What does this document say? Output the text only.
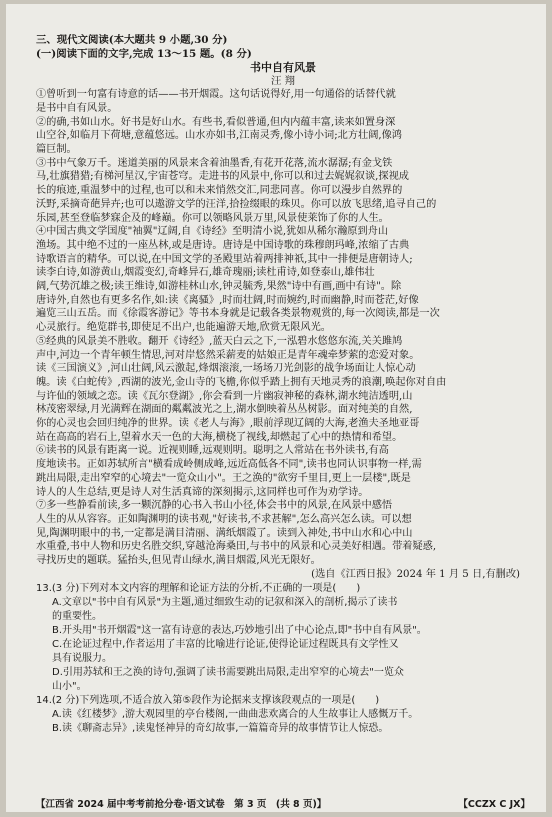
三、现代文阅读(本大题共 9 小题,30 分)
(一)阅读下面的文字,完成 13～15 题。(8 分)
书中自有风景
汪 翔
①曾听到一句富有诗意的话——书开烟霞。这句话说得好,用一句通俗的话替代就
是书中自有风景。
②的确,书如山水。好书是好山水。有些书,看似普通,但内内蕴丰富,读来如置身深
山空谷,如临月下荷塘,意蕴悠远。山水亦如书,江南灵秀,像小诗小词;北方壮阔,像鸿
篇巨制。
③书中气象万千。迷道美丽的风景来含着油墨香,有花开花落,流水潺潺;有金戈铁
马,壮旗猎猎;有梯河星汉,宇宙苍穹。走进书的风景中,你可以和过去娓娓叙谈,探视成
长的痕迹,重温梦中的过程,也可以和未来悄然交汇,同悲同喜。你可以漫步自然界的
沃野,采摘奇葩异卉;也可以遨游文学的汪洋,拾捡缀眼的珠贝。你可以放飞思绪,追寻自己的
乐园,甚至登临梦寐企及的峰巅。你可以领略风景万里,风景使莱饰了你的人生。
④中国古典文学国度"袖翼"辽阔,自《诗经》至明清小说,犹如从稀尔瀚原到舟山
渔场。其中绝不过的一座丛林,或是唐诗。唐诗是中国诗歌的珠穆朗玛峰,浓缩了古典
诗歌语言的精华。可以说,在中国文学的圣殿里站着两排神祇,其中一排便是唐朝诗人;
读李白诗,如游黄山,烟霞变幻,奇峰异石,雄奇瑰丽;读杜甫诗,如登泰山,雄伟壮
阔,气势沉雄之极;读王维诗,如游桂林山水,钟灵毓秀,果然"诗中有画,画中有诗"。除
唐诗外,自然也有更多名作,如:读《离骚》,时而壮阔,时而婉约,时而幽静,时而苍茫,好像
遍览三山五岳。而《徐霞客游记》等书本身就是记载各类景物观赏的,每一次阅读,都是一次
心灵旅行。绝览群书,即使足不出户,也能遍游天地,欣赏无限风光。
⑤经典的风景美不胜收。翻开《诗经》,蓝天白云之下,一泓碧水悠悠东流,关关雎鸠
声中,河边一个青年顿生情思,河对岸悠然采薪麦的姑娘正是青年魂牵梦萦的恋爱对象。
读《三国演义》,河山壮阔,风云激起,烽烟滚滚,一场场刀光剑影的战争场面让人惊心动
魄。读《白蛇传》,西湖的波光,金山寺的飞檐,你似乎踏上拥有天地灵秀的浪潮,唤起你对自由
与许仙的领域之恋。读《瓦尔登湖》,你会看到一片幽寂神秘的森林,湖水纯洁透明,山
林茂密翠绿,月光满辉在湖面的粼粼波光之上,湖水倒映着丛丛树影。面对纯美的自然,
你的心灵也会回归纯净的世界。读《老人与海》,眼前浮现辽阔的大海,老渔夫圣地亚哥
站在高高的岩石上,望着水天一色的大海,横桡了视线,却燃起了心中的热情和希望。
⑥读书的风景有距离一说。近视则睡,远观则明。聪明之人常站在书外读书,有高
度地读书。正如苏轼所言"横看成岭侧成峰,远近高低各不同",读书也同认识事物一样,需
跳出局限,走出窄窄的心境去"一览众山小"。王之涣的"欲穷千里目,更上一层楼",既是
诗人的人生总结,更是诗人对生活真谛的深刻揭示,这同样也可作为劝学诗。
⑦多一些静看前读,多一颗沉静的心书入书山小径,体会书中的风景,在风景中感悟
人生的从从容容。正如陶渊明的读书观,"好读书,不求甚解",怎么高兴怎么读。可以想
见,陶渊明眼中的书,一定都是满目清丽、满纸烟霞了。读到入神处,书中山水和心中山
水重叠,书中人物和历史名胜交织,穿越沧海桑田,与书中的风景和心灵美好相遇。带着疑惑,
寻找历史的题联。猛抬头,但见青山绿水,满目烟霞,风光无限好。
(选自《江西日报》2024 年 1 月 5 日,有删改)
13.(3 分)下列对本文内容的理解和论证方法的分析,不正确的一项是(　　)
A.文章以"书中自有风景"为主题,通过细致生动的记叙和深入的剖析,揭示了读书
的重要性。
B.开头用"书开烟霞"这一富有诗意的表达,巧妙地引出了中心论点,即"书中自有风景"。
C.在论证过程中,作者运用了丰富的比喻进行论证,使得论证过程既具有文学性又
具有说服力。
D.引用苏轼和王之涣的诗句,强调了读书需要跳出局限,走出窄窄的心境去"一览众
山小"。
14.(2 分)下列选项,不适合放入第⑤段作为论据来支撑该段观点的一项是(　　)
A.读《红楼梦》,游大观园里的亭台楼阁,一曲曲悲欢离合的人生故事让人感慨万千。
B.读《聊斋志异》,读鬼怪神异的奇幻故事,一篇篇奇异的故事情节让人惊恐。
【江西省 2024 届中考考前抢分卷·语文试卷　第 3 页　(共 8 页)】	【CCZX C JX】
